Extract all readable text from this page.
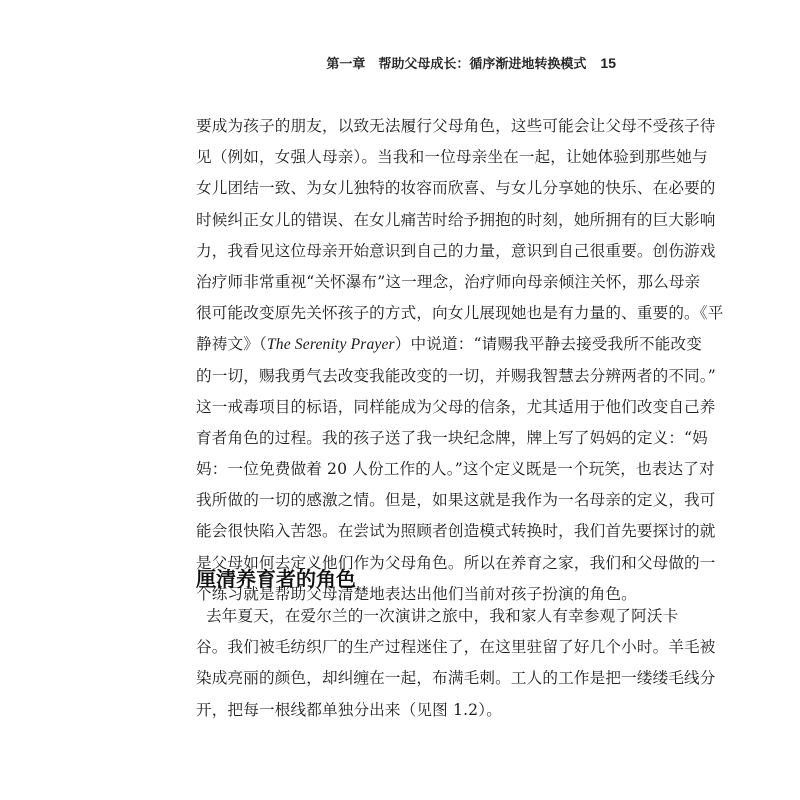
第一章　帮助父母成长：循序渐进地转换模式 15
要成为孩子的朋友，以致无法履行父母角色，这些可能会让父母不受孩子待
见（例如，女强人母亲）。当我和一位母亲坐在一起，让她体验到那些她与
女儿团结一致、为女儿独特的妆容而欣喜、与女儿分享她的快乐、在必要的
时候纠正女儿的错误、在女儿痛苦时给予拥抱的时刻，她所拥有的巨大影响
力，我看见这位母亲开始意识到自己的力量，意识到自己很重要。创伤游戏
治疗师非常重视“关怀瀑布”这一理念，治疗师向母亲倾注关怀，那么母亲
很可能改变原先关怀孩子的方式，向女儿展现她也是有力量的、重要的。《平
静祷文》（The Serenity Prayer）中说道：“请赐我平静去接受我所不能改变
的一切，赐我勇气去改变我能改变的一切，并赐我智慧去分辨两者的不同。”
这一戒毒项目的标语，同样能成为父母的信条，尤其适用于他们改变自己养
育者角色的过程。我的孩子送了我一块纪念牌，牌上写了妈妈的定义：“妈
妈：一位免费做着 20 人份工作的人。”这个定义既是一个玩笑，也表达了对
我所做的一切的感激之情。但是，如果这就是我作为一名母亲的定义，我可
能会很快陷入苦怨。在尝试为照顾者创造模式转换时，我们首先要探讨的就
是父母如何去定义他们作为父母角色。所以在养育之家，我们和父母做的一
个练习就是帮助父母清楚地表达出他们当前对孩子扮演的角色。
厘清养育者的角色
去年夏天，在爱尔兰的一次演讲之旅中，我和家人有幸参观了阿沃卡
谷。我们被毛纺织厂的生产过程迷住了，在这里驻留了好几个小时。羊毛被
染成亮丽的颜色，却纠缠在一起，布满毛刺。工人的工作是把一缕缕毛线分
开，把每一根线都单独分出来（见图 1.2）。
